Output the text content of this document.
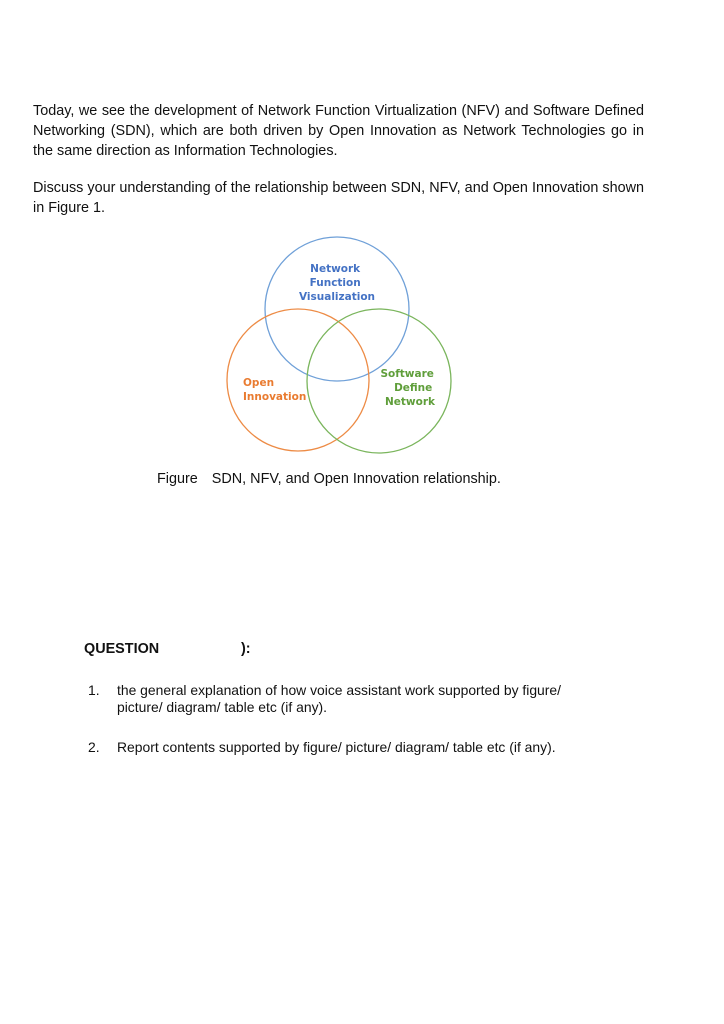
Today, we see the development of Network Function Virtualization (NFV) and Software Defined Networking (SDN), which are both driven by Open Innovation as Network Technologies go in the same direction as Information Technologies.

Discuss your understanding of the relationship between SDN, NFV, and Open Innovation shown in Figure 1.

Network Function Visualization
Open Innovation
Software Define Network
Figure SDN, NFV, and Open Innovation relationship.
QUESTION	):
1. the general explanation of how voice assistant work supported by figure/ picture/ diagram/ table etc (if any).
2. Report contents supported by figure/ picture/ diagram/ table etc (if any).
